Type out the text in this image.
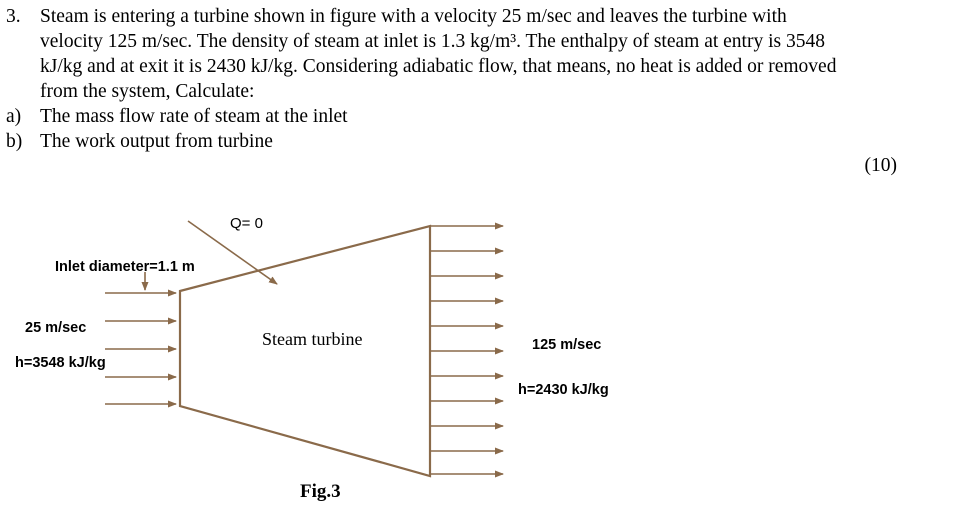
3. Steam is entering a turbine shown in figure with a velocity 25 m/sec and leaves the turbine with
velocity 125 m/sec. The density of steam at inlet is 1.3 kg/m³. The enthalpy of steam at entry is 3548
kJ/kg and at exit it is 2430 kJ/kg. Considering adiabatic flow, that means, no heat is added or removed
from the system, Calculate:
a) The mass flow rate of steam at the inlet
b) The work output from turbine
(10)
Q= 0
Inlet diameter=1.1 m
25 m/sec
h=3548 kJ/kg
Steam turbine	125 m/sec
h=2430 kJ/kg
Fig.3
